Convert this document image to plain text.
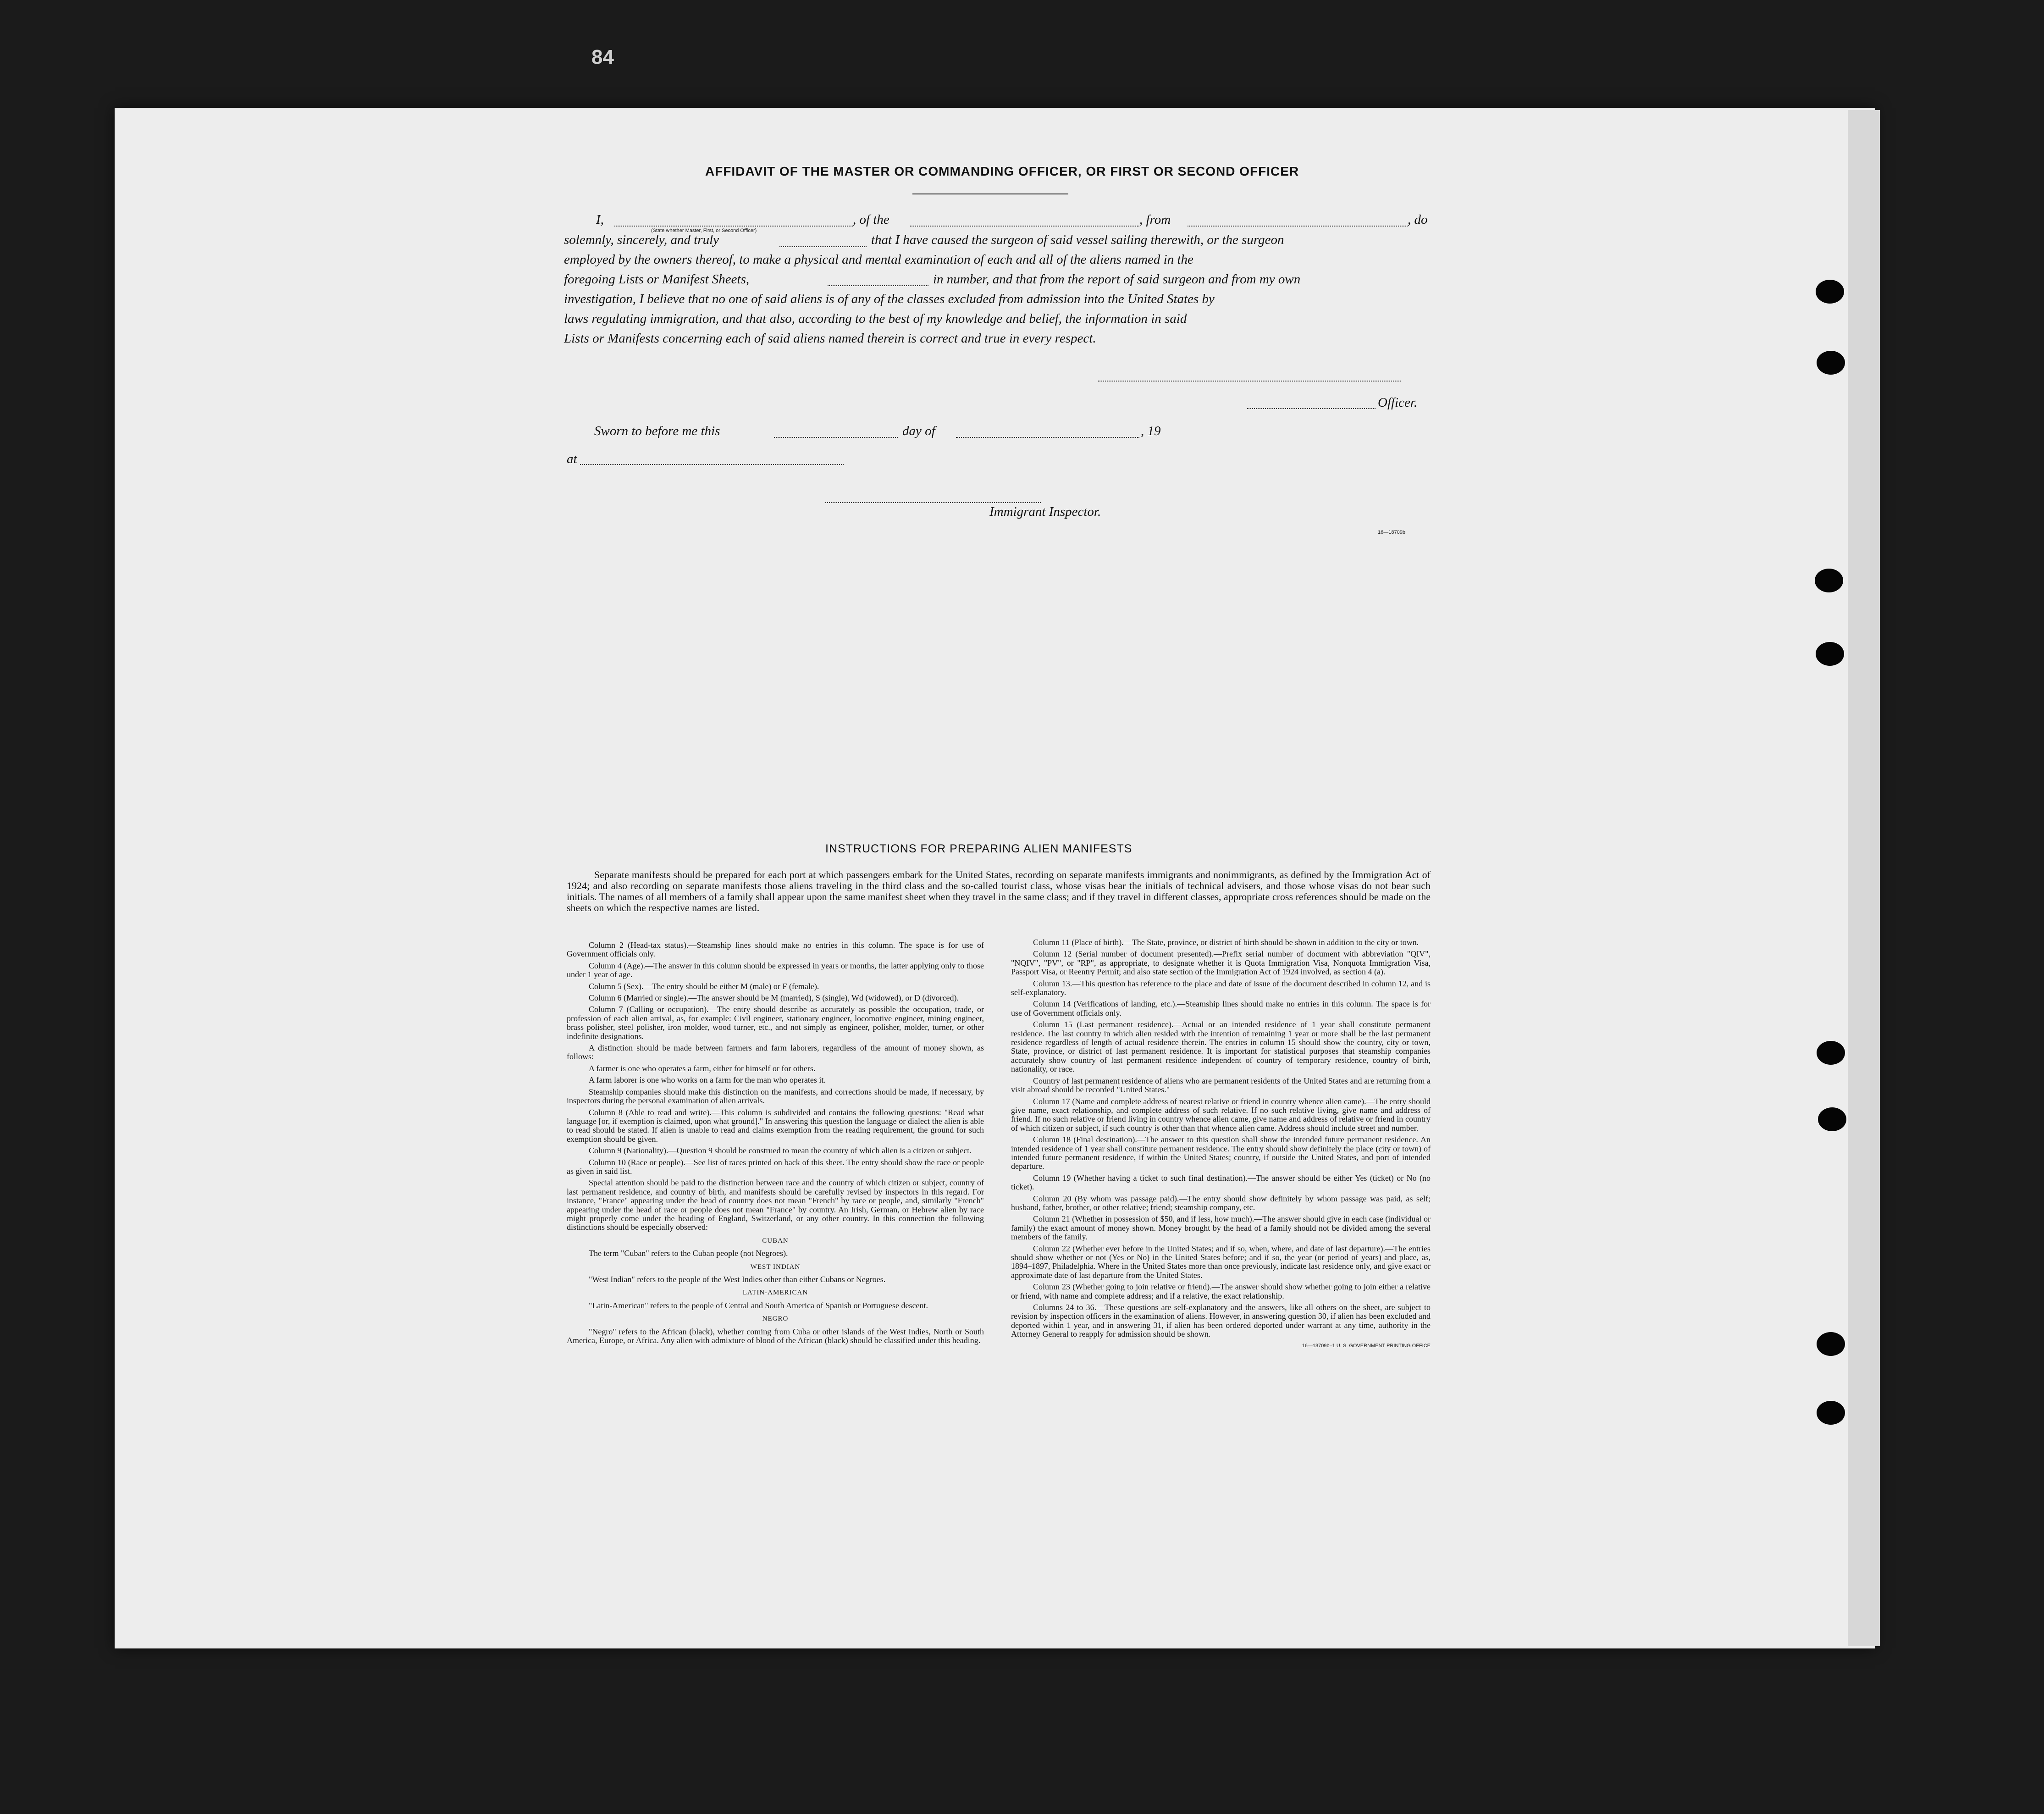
84
AFFIDAVIT OF THE MASTER OR COMMANDING OFFICER, OR FIRST OR SECOND OFFICER
I,
(State whether Master, First, or Second Officer)
, of the	, from	, do
solemnly, sincerely, and truly	that I have caused the surgeon of said vessel sailing therewith, or the surgeon
employed by the owners thereof, to make a physical and mental examination of each and all of the aliens named in the
foregoing Lists or Manifest Sheets,	in number, and that from the report of said surgeon and from my own
investigation, I believe that no one of said aliens is of any of the classes excluded from admission into the United States by
laws regulating immigration, and that also, according to the best of my knowledge and belief, the information in said
Lists or Manifests concerning each of said aliens named therein is correct and true in every respect.
Officer.
Sworn to before me this	day of	, 19
at
Immigrant Inspector.
16—18709b
INSTRUCTIONS FOR PREPARING ALIEN MANIFESTS
Separate manifests should be prepared for each port at which passengers embark for the United States, recording on separate manifests immigrants and nonimmigrants, as defined by the Immigration Act of 1924; and also recording on separate manifests those aliens traveling in the third class and the so-called tourist class, whose visas bear the initials of technical advisers, and those whose visas do not bear such initials. The names of all members of a family shall appear upon the same manifest sheet when they travel in the same class; and if they travel in different classes, appropriate cross references should be made on the sheets on which the respective names are listed.

Column 2 (Head-tax status).—Steamship lines should make no entries in this column. The space is for use of Government officials only.

Column 4 (Age).—The answer in this column should be expressed in years or months, the latter applying only to those under 1 year of age.

Column 5 (Sex).—The entry should be either M (male) or F (female).

Column 6 (Married or single).—The answer should be M (married), S (single), Wd (widowed), or D (divorced).

Column 7 (Calling or occupation).—The entry should describe as accurately as possible the occupation, trade, or profession of each alien arrival, as, for example: Civil engineer, stationary engineer, locomotive engineer, mining engineer, brass polisher, steel polisher, iron molder, wood turner, etc., and not simply as engineer, polisher, molder, turner, or other indefinite designations.

A distinction should be made between farmers and farm laborers, regardless of the amount of money shown, as follows:

A farmer is one who operates a farm, either for himself or for others.

A farm laborer is one who works on a farm for the man who operates it.

Steamship companies should make this distinction on the manifests, and corrections should be made, if necessary, by inspectors during the personal examination of alien arrivals.

Column 8 (Able to read and write).—This column is subdivided and contains the following questions: "Read what language [or, if exemption is claimed, upon what ground]." In answering this question the language or dialect the alien is able to read should be stated. If alien is unable to read and claims exemption from the reading requirement, the ground for such exemption should be given.

Column 9 (Nationality).—Question 9 should be construed to mean the country of which alien is a citizen or subject.

Column 10 (Race or people).—See list of races printed on back of this sheet. The entry should show the race or people as given in said list.

Special attention should be paid to the distinction between race and the country of which citizen or subject, country of last permanent residence, and country of birth, and manifests should be carefully revised by inspectors in this regard. For instance, "France" appearing under the head of country does not mean "French" by race or people, and, similarly "French" appearing under the head of race or people does not mean "France" by country. An Irish, German, or Hebrew alien by race might properly come under the heading of England, Switzerland, or any other country. In this connection the following distinctions should be especially observed:

CUBAN

The term "Cuban" refers to the Cuban people (not Negroes).

WEST INDIAN

"West Indian" refers to the people of the West Indies other than either Cubans or Negroes.

LATIN-AMERICAN

"Latin-American" refers to the people of Central and South America of Spanish or Portuguese descent.

NEGRO

"Negro" refers to the African (black), whether coming from Cuba or other islands of the West Indies, North or South America, Europe, or Africa. Any alien with admixture of blood of the African (black) should be classified under this heading.

Column 11 (Place of birth).—The State, province, or district of birth should be shown in addition to the city or town.

Column 12 (Serial number of document presented).—Prefix serial number of document with abbreviation "QIV", "NQIV", "PV", or "RP", as appropriate, to designate whether it is Quota Immigration Visa, Nonquota Immigration Visa, Passport Visa, or Reentry Permit; and also state section of the Immigration Act of 1924 involved, as section 4 (a).

Column 13.—This question has reference to the place and date of issue of the document described in column 12, and is self-explanatory.

Column 14 (Verifications of landing, etc.).—Steamship lines should make no entries in this column. The space is for use of Government officials only.

Column 15 (Last permanent residence).—Actual or an intended residence of 1 year shall constitute permanent residence. The last country in which alien resided with the intention of remaining 1 year or more shall be the last permanent residence regardless of length of actual residence therein. The entries in column 15 should show the country, city or town, State, province, or district of last permanent residence. It is important for statistical purposes that steamship companies accurately show country of last permanent residence independent of country of temporary residence, country of birth, nationality, or race.

Country of last permanent residence of aliens who are permanent residents of the United States and are returning from a visit abroad should be recorded "United States."

Column 17 (Name and complete address of nearest relative or friend in country whence alien came).—The entry should give name, exact relationship, and complete address of such relative. If no such relative living, give name and address of friend. If no such relative or friend living in country whence alien came, give name and address of relative or friend in country of which citizen or subject, if such country is other than that whence alien came. Address should include street and number.

Column 18 (Final destination).—The answer to this question shall show the intended future permanent residence. An intended residence of 1 year shall constitute permanent residence. The entry should show definitely the place (city or town) of intended future permanent residence, if within the United States; country, if outside the United States, and port of intended departure.

Column 19 (Whether having a ticket to such final destination).—The answer should be either Yes (ticket) or No (no ticket).

Column 20 (By whom was passage paid).—The entry should show definitely by whom passage was paid, as self; husband, father, brother, or other relative; friend; steamship company, etc.

Column 21 (Whether in possession of $50, and if less, how much).—The answer should give in each case (individual or family) the exact amount of money shown. Money brought by the head of a family should not be divided among the several members of the family.

Column 22 (Whether ever before in the United States; and if so, when, where, and date of last departure).—The entries should show whether or not (Yes or No) in the United States before; and if so, the year (or period of years) and place, as, 1894–1897, Philadelphia. Where in the United States more than once previously, indicate last residence only, and give exact or approximate date of last departure from the United States.

Column 23 (Whether going to join relative or friend).—The answer should show whether going to join either a relative or friend, with name and complete address; and if a relative, the exact relationship.

Columns 24 to 36.—These questions are self-explanatory and the answers, like all others on the sheet, are subject to revision by inspection officers in the examination of aliens. However, in answering question 30, if alien has been excluded and deported within 1 year, and in answering 31, if alien has been ordered deported under warrant at any time, authority in the Attorney General to reapply for admission should be shown.

16—18709b–1 U. S. GOVERNMENT PRINTING OFFICE
